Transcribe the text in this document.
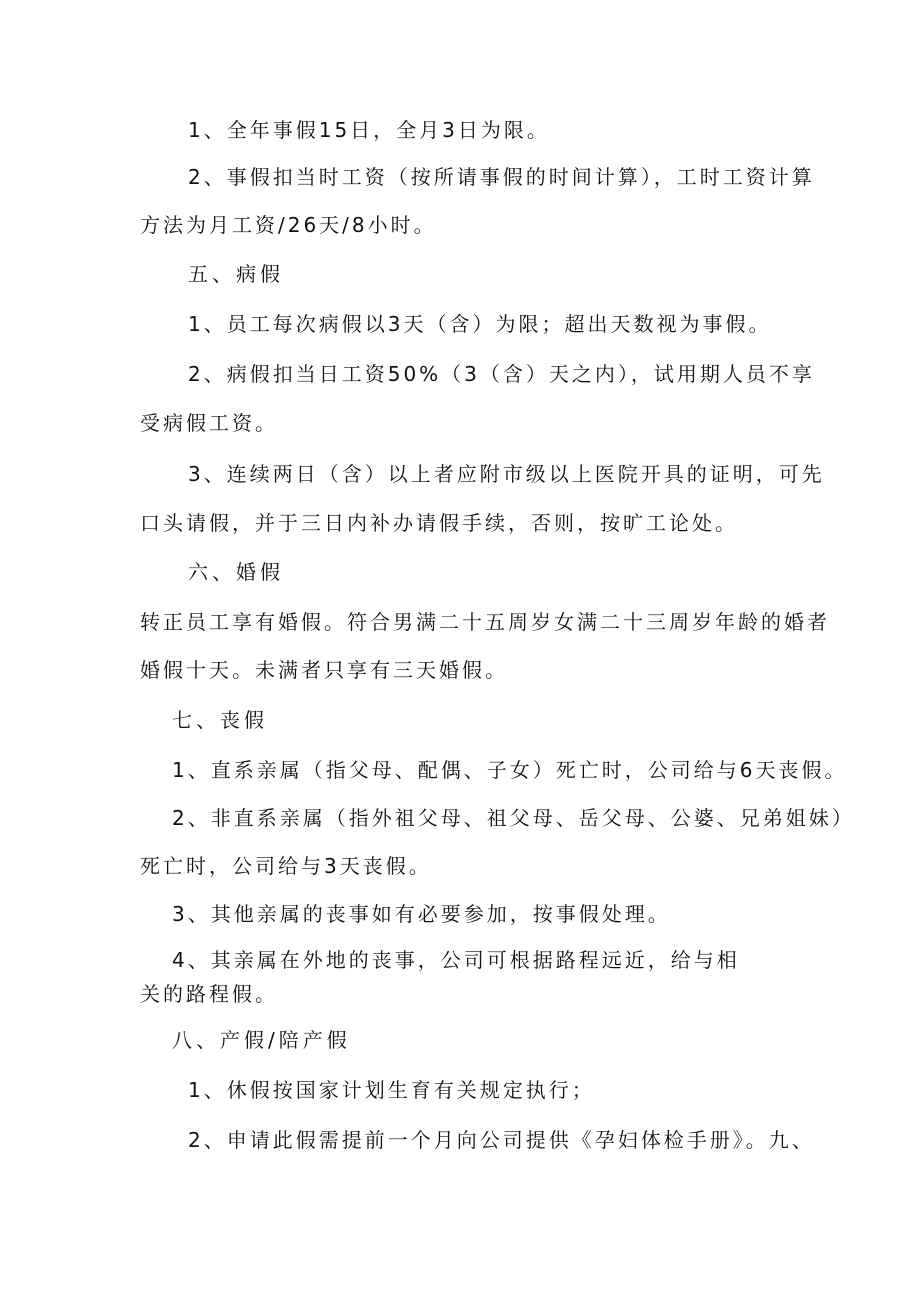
1、全年事假15日，全月3日为限。
2、事假扣当时工资（按所请事假的时间计算），工时工资计算
方法为月工资/26天/8小时。
五、病假
1、员工每次病假以3天（含）为限；超出天数视为事假。
2、病假扣当日工资50%（3（含）天之内），试用期人员不享
受病假工资。
3、连续两日（含）以上者应附市级以上医院开具的证明，可先
口头请假，并于三日内补办请假手续，否则，按旷工论处。
六、婚假
转正员工享有婚假。符合男满二十五周岁女满二十三周岁年龄的婚者
婚假十天。未满者只享有三天婚假。
七、丧假
1、直系亲属（指父母、配偶、子女）死亡时，公司给与6天丧假。
2、非直系亲属（指外祖父母、祖父母、岳父母、公婆、兄弟姐妹）
死亡时，公司给与3天丧假。
3、其他亲属的丧事如有必要参加，按事假处理。
4、其亲属在外地的丧事，公司可根据路程远近，给与相
关的路程假。
八、产假/陪产假
1、休假按国家计划生育有关规定执行；
2、申请此假需提前一个月向公司提供《孕妇体检手册》。九、
